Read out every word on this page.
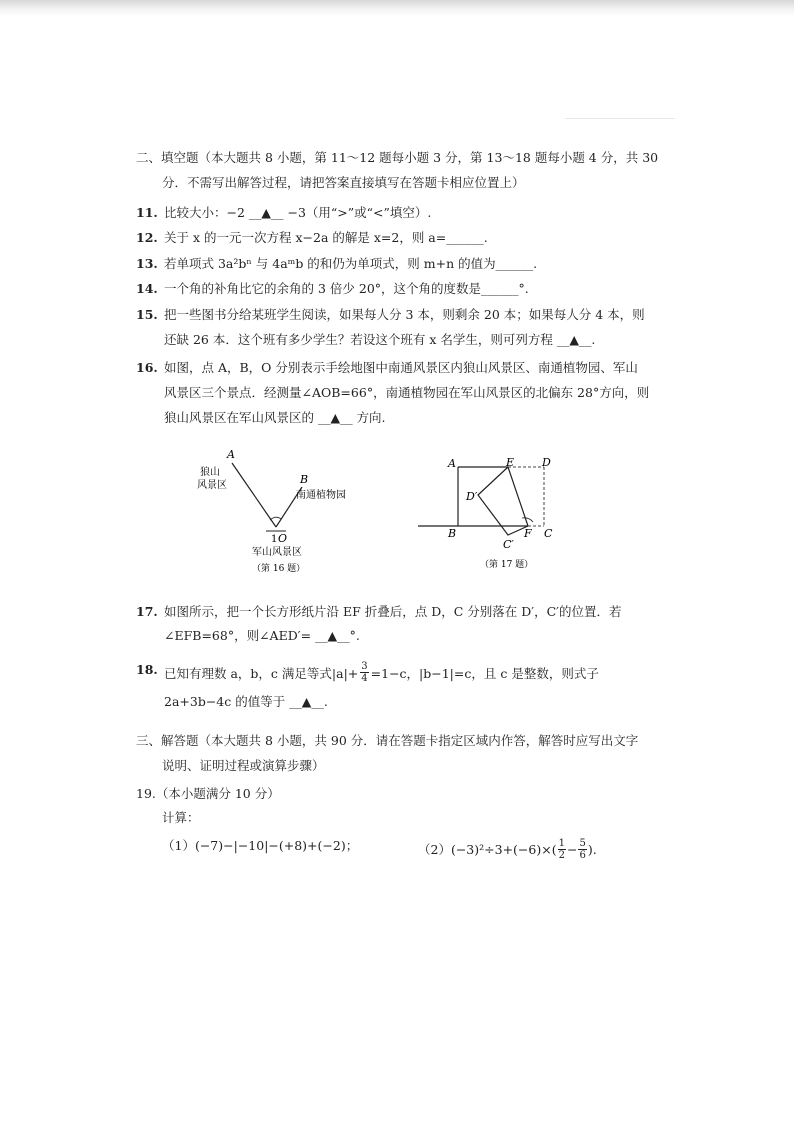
二、填空题（本大题共 8 小题，第 11～12 题每小题 3 分，第 13～18 题每小题 4 分，共 30
分．不需写出解答过程，请把答案直接填写在答题卡相应位置上）
11. 比较大小：−2 __▲__ −3（用“>”或“<”填空）.
12. 关于 x 的一元一次方程 x−2a 的解是 x=2，则 a=______.
13. 若单项式 3a²bⁿ 与 4aᵐb 的和仍为单项式，则 m+n 的值为______.
14. 一个角的补角比它的余角的 3 倍少 20°，这个角的度数是______°.
15. 把一些图书分给某班学生阅读，如果每人分 3 本，则剩余 20 本；如果每人分 4 本，则
还缺 26 本．这个班有多少学生？若设这个班有 x 名学生，则可列方程 __▲__.
16. 如图，点 A，B，O 分别表示手绘地图中南通风景区内狼山风景区、南通植物园、军山
风景区三个景点．经测量∠AOB=66°，南通植物园在军山风景区的北偏东 28°方向，则
狼山风景区在军山风景区的 __▲__ 方向.
A
狼山
风景区	B
南通植物园
1 O
军山风景区
（第 16 题）
A	E	D
D′
B	F C
C′
（第 17 题）
17. 如图所示，把一个长方形纸片沿 EF 折叠后，点 D，C 分别落在 D′，C′的位置．若
∠EFB=68°，则∠AED′= __▲__°.
18. 已知有理数 a，b，c 满足等式$|a|+ \frac{3}{4} =1-c$，|b−1|=c，且 c 是整数，则式子
2a+3b−4c 的值等于 __▲__.
三、解答题（本大题共 8 小题，共 90 分．请在答题卡指定区域内作答，解答时应写出文字
说明、证明过程或演算步骤）
19.（本小题满分 10 分）
计算：
（1）(−7)−|−10|−(+8)+(−2)；	$(2)(-3)^2\div 3+(-6)\times( \frac{1}{2} - \frac{5}{6}$ ).
